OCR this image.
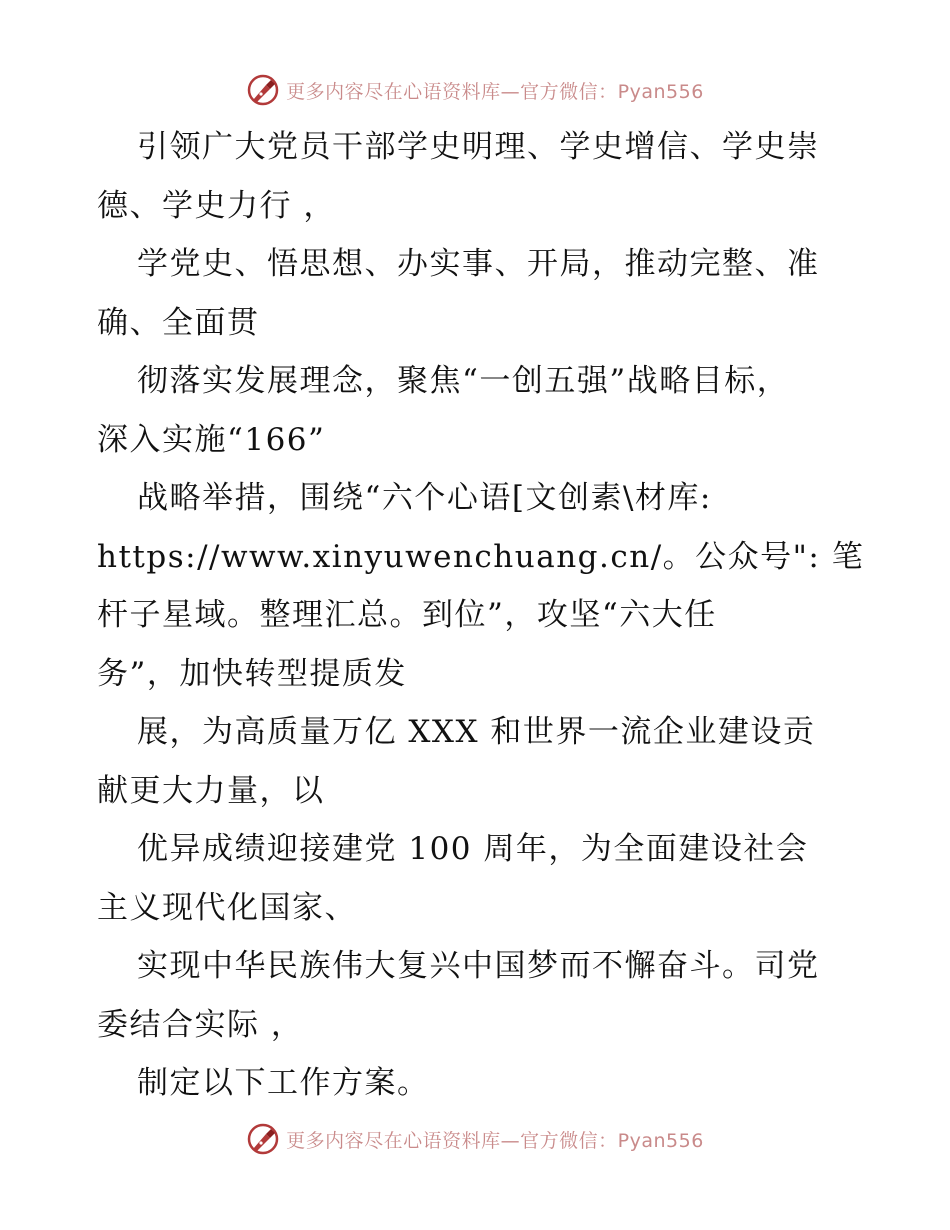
更多内容尽在心语资料库—官方微信：Pyan556
引领广大党员干部学史明理、学史增信、学史崇
德、学史力行 ，
学党史、悟思想、办实事、开局，推动完整、准
确、全面贯
彻落实发展理念，聚焦“一创五强”战略目标，
深入实施“166”
战略举措，围绕“六个心语[文创素\材库:
https://www.xinyuwenchuang.cn/。公众号": 笔
杆子星域。整理汇总。到位”，攻坚“六大任
务”，加快转型提质发
展，为高质量万亿 XXX 和世界一流企业建设贡
献更大力量，以
优异成绩迎接建党 100 周年，为全面建设社会
主义现代化国家、
实现中华民族伟大复兴中国梦而不懈奋斗。司党
委结合实际 ，
制定以下工作方案。
更多内容尽在心语资料库—官方微信：Pyan556
